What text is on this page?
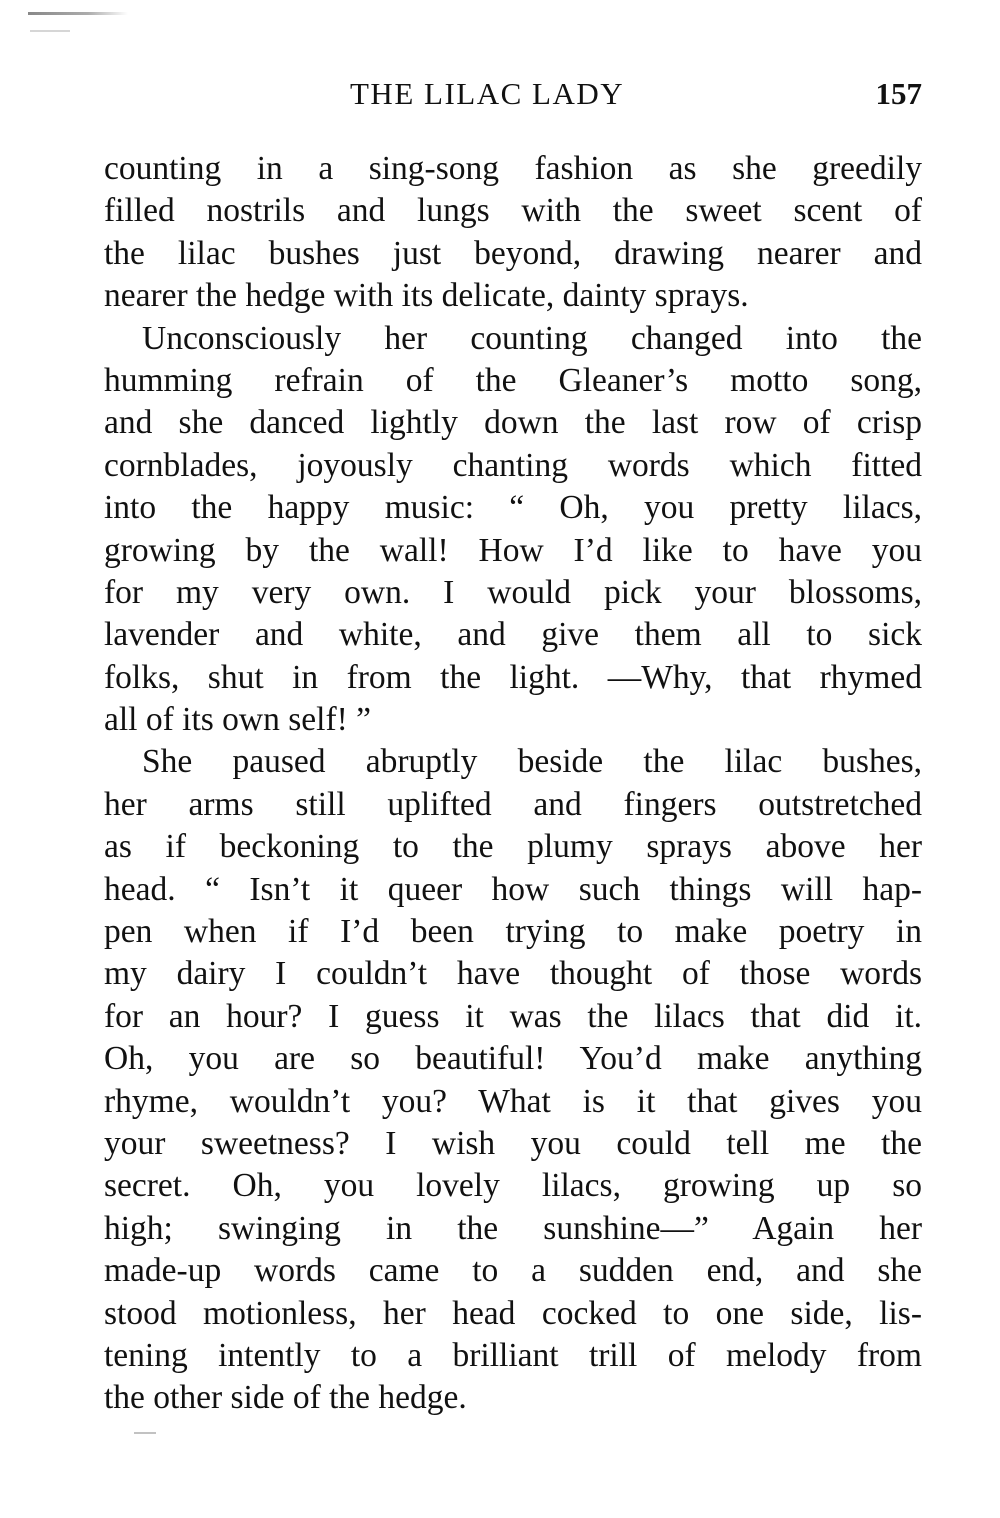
THE LILAC LADY	157
counting in a sing-song fashion as she greedily
filled nostrils and lungs with the sweet scent of
the lilac bushes just beyond, drawing nearer and
nearer the hedge with its delicate, dainty sprays.
Unconsciously her counting changed into the
humming refrain of the Gleaner’s motto song,
and she danced lightly down the last row of crisp
cornblades, joyously chanting words which fitted
into the happy music: “ Oh, you pretty lilacs,
growing by the wall! How I’d like to have you
for my very own. I would pick your blossoms,
lavender and white, and give them all to sick
folks, shut in from the light. —Why, that rhymed
all of its own self! ”
She paused abruptly beside the lilac bushes,
her arms still uplifted and fingers outstretched
as if beckoning to the plumy sprays above her
head. “ Isn’t it queer how such things will hap-
pen when if I’d been trying to make poetry in
my dairy I couldn’t have thought of those words
for an hour? I guess it was the lilacs that did it.
Oh, you are so beautiful! You’d make anything
rhyme, wouldn’t you? What is it that gives you
your sweetness? I wish you could tell me the
secret. Oh, you lovely lilacs, growing up so
high; swinging in the sunshine—” Again her
made-up words came to a sudden end, and she
stood motionless, her head cocked to one side, lis-
tening intently to a brilliant trill of melody from
the other side of the hedge.
